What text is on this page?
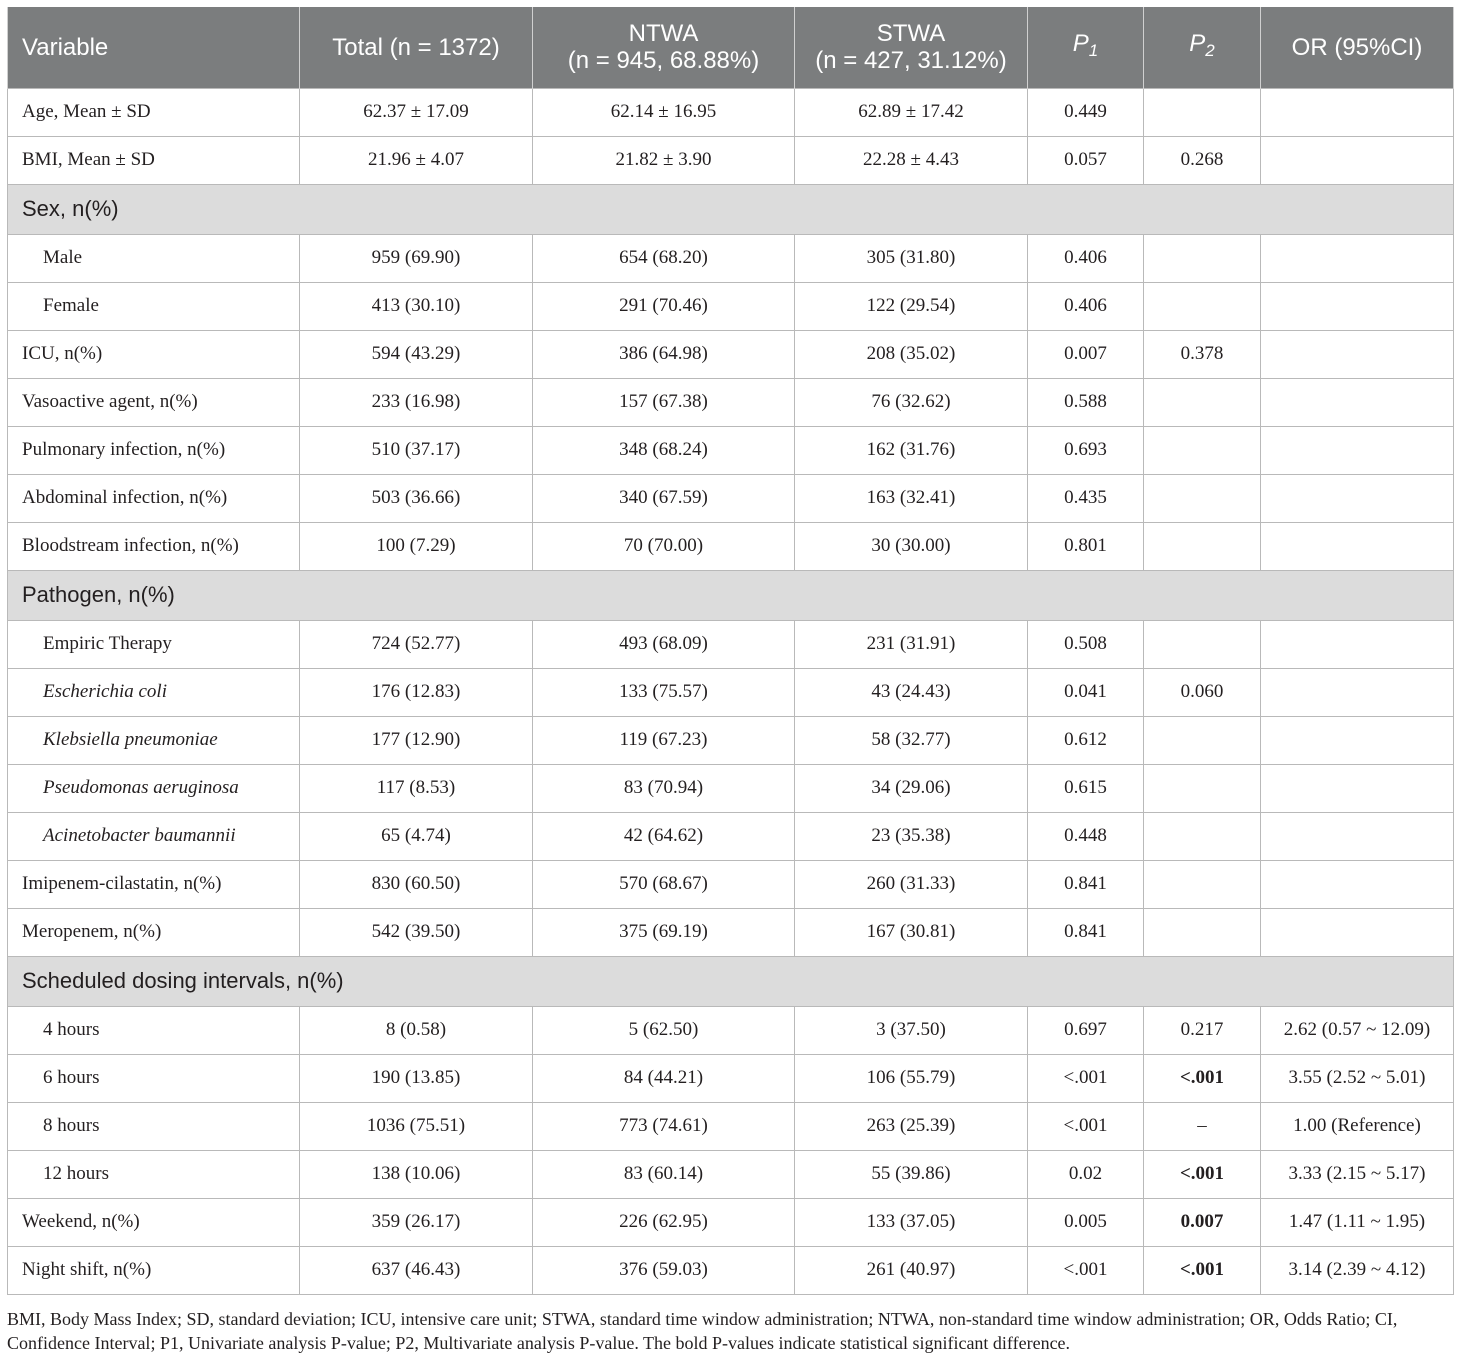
Variable	Total (n = 1372)	NTWA
(n = 945, 68.88%)	STWA
(n = 427, 31.12%)	$P_1$	$P_2$	OR (95%CI)
Age, Mean ± SD	62.37 ± 17.09	62.14 ± 16.95	62.89 ± 17.42	0.449		
BMI, Mean ± SD	21.96 ± 4.07	21.82 ± 3.90	22.28 ± 4.43	0.057	0.268	
Sex, n(%)						
Male	959 (69.90)	654 (68.20)	305 (31.80)	0.406		
Female	413 (30.10)	291 (70.46)	122 (29.54)	0.406		
ICU, n(%)	594 (43.29)	386 (64.98)	208 (35.02)	0.007	0.378	
Vasoactive agent, n(%)	233 (16.98)	157 (67.38)	76 (32.62)	0.588		
Pulmonary infection, n(%)	510 (37.17)	348 (68.24)	162 (31.76)	0.693		
Abdominal infection, n(%)	503 (36.66)	340 (67.59)	163 (32.41)	0.435		
Bloodstream infection, n(%)	100 (7.29)	70 (70.00)	30 (30.00)	0.801		
Pathogen, n(%)						
Empiric Therapy	724 (52.77)	493 (68.09)	231 (31.91)	0.508		
Escherichia coli	176 (12.83)	133 (75.57)	43 (24.43)	0.041	0.060	
Klebsiella pneumoniae	177 (12.90)	119 (67.23)	58 (32.77)	0.612		
Pseudomonas aeruginosa	117 (8.53)	83 (70.94)	34 (29.06)	0.615		
Acinetobacter baumannii	65 (4.74)	42 (64.62)	23 (35.38)	0.448		
Imipenem-cilastatin, n(%)	830 (60.50)	570 (68.67)	260 (31.33)	0.841		
Meropenem, n(%)	542 (39.50)	375 (69.19)	167 (30.81)	0.841		
Scheduled dosing intervals, n(%)						
4 hours	8 (0.58)	5 (62.50)	3 (37.50)	0.697	0.217	2.62 (0.57 ~ 12.09)
6 hours	190 (13.85)	84 (44.21)	106 (55.79)	<.001	<.001	3.55 (2.52 ~ 5.01)
8 hours	1036 (75.51)	773 (74.61)	263 (25.39)	<.001	–	1.00 (Reference)
12 hours	138 (10.06)	83 (60.14)	55 (39.86)	0.02	<.001	3.33 (2.15 ~ 5.17)
Weekend, n(%)	359 (26.17)	226 (62.95)	133 (37.05)	0.005	0.007	1.47 (1.11 ~ 1.95)
Night shift, n(%)	637 (46.43)	376 (59.03)	261 (40.97)	<.001	<.001	3.14 (2.39 ~ 4.12)
BMI, Body Mass Index; SD, standard deviation; ICU, intensive care unit; STWA, standard time window administration; NTWA, non-standard time window administration; OR, Odds Ratio; CI, Confidence Interval; P1, Univariate analysis P-value; P2, Multivariate analysis P-value. The bold P-values indicate statistical significant difference.
